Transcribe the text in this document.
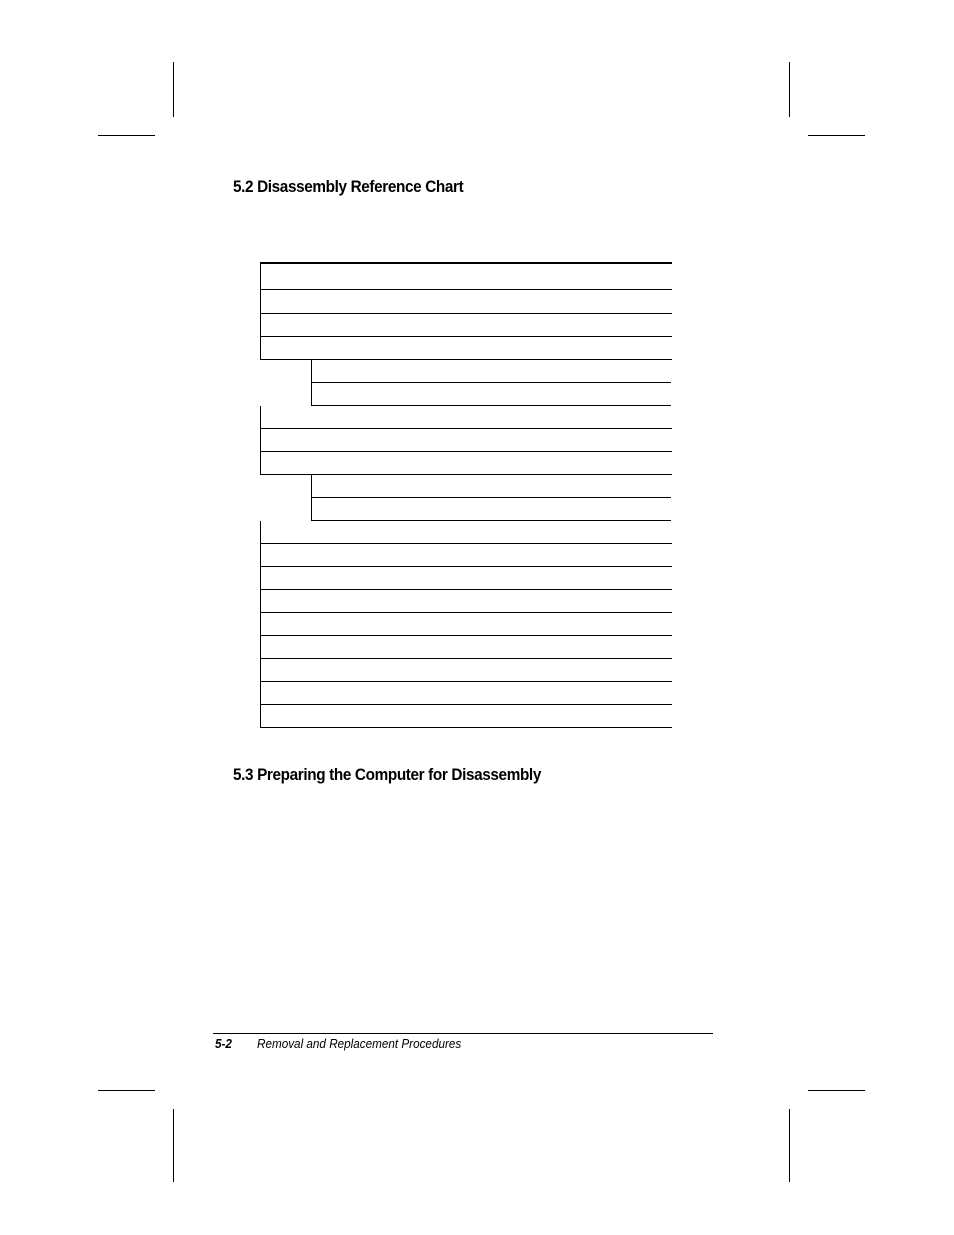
5.2 Disassembly Reference Chart
5.3 Preparing the Computer for Disassembly
5-2 Removal and Replacement Procedures
